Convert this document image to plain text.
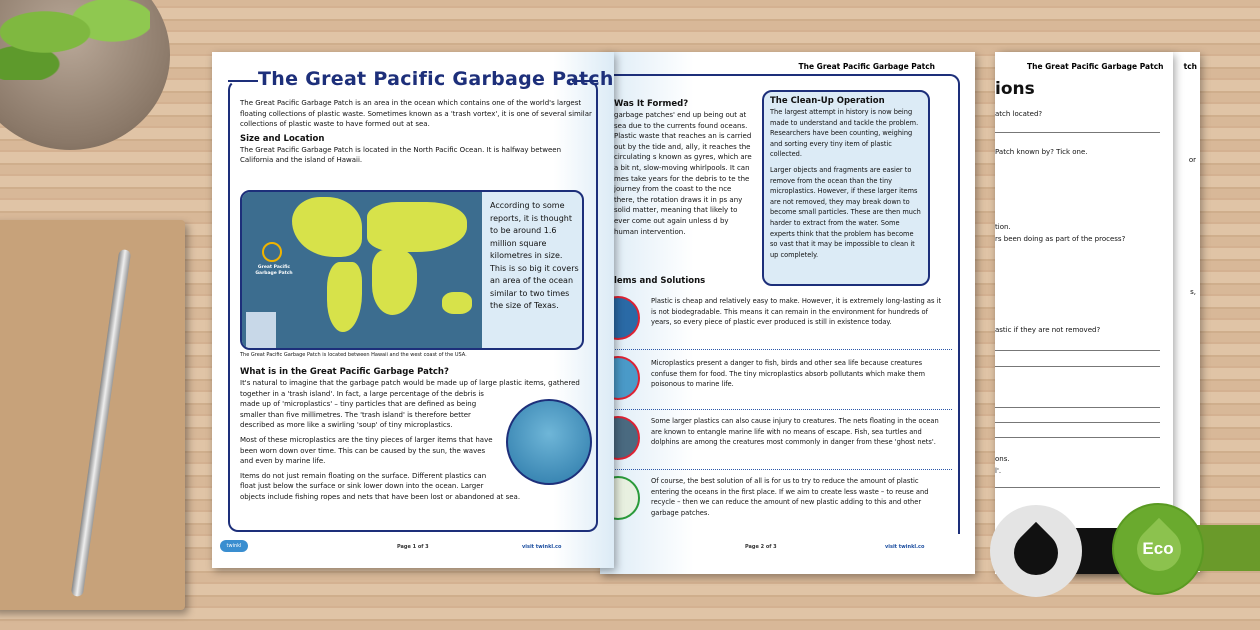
tch
or
s,
The Great Pacific Garbage Patch
ions
atch located?
Patch known by? Tick one.
tion.
rs been doing as part of the process?
astic if they are not removed?
ons.
l'.
The Great Pacific Garbage Patch
Was It Formed?
garbage patches' end up being out at sea due to the currents found oceans. Plastic waste that reaches an is carried out by the tide and, ally, it reaches the circulating s known as gyres, which are a bit nt, slow-moving whirlpools. It can mes take years for the debris to te the journey from the coast to the nce there, the rotation draws it in ps any solid matter, meaning that likely to ever come out again unless d by human intervention.
The Clean-Up Operation
The largest attempt in history is now being made to understand and tackle the problem. Researchers have been counting, weighing and sorting every tiny item of plastic collected.
Larger objects and fragments are easier to remove from the ocean than the tiny microplastics. However, if these larger items are not removed, they may break down to become small particles. These are then much harder to extract from the water. Some experts think that the problem has become so vast that it may be impossible to clean it up completely.
lems and Solutions
Plastic is cheap and relatively easy to make. However, it is extremely long-lasting as it is not biodegradable. This means it can remain in the environment for hundreds of years, so every piece of plastic ever produced is still in existence today.
Microplastics present a danger to fish, birds and other sea life because creatures confuse them for food. The tiny microplastics absorb pollutants which make them poisonous to marine life.
Some larger plastics can also cause injury to creatures. The nets floating in the ocean are known to entangle marine life with no means of escape. Fish, sea turtles and dolphins are among the creatures most commonly in danger from these 'ghost nets'.
Of course, the best solution of all is for us to try to reduce the amount of plastic entering the oceans in the first place. If we aim to create less waste – to reuse and recycle – then we can reduce the amount of new plastic adding to this and other garbage patches.
Page 2 of 3	visit twinkl.co
The Great Pacific Garbage Patch
The Great Pacific Garbage Patch is an area in the ocean which contains one of the world's largest floating collections of plastic waste. Sometimes known as a 'trash vortex', it is one of several similar collections of plastic waste to have formed out at sea.
Size and Location
The Great Pacific Garbage Patch is located in the North Pacific Ocean. It is halfway between California and the island of Hawaii.
Great Pacific Garbage Patch
According to some reports, it is thought to be around 1.6 million square kilometres in size. This is so big it covers an area of the ocean similar to two times the size of Texas.
The Great Pacific Garbage Patch is located between Hawaii and the west coast of the USA.
What is in the Great Pacific Garbage Patch?
It's natural to imagine that the garbage patch would be made up of large plastic items, gathered together in a 'trash island'. In fact, a large percentage of the debris is made up of 'microplastics' – tiny particles that are defined as being smaller than five millimetres. The 'trash island' is therefore better described as more like a swirling 'soup' of tiny microplastics.
Most of these microplastics are the tiny pieces of larger items that have been worn down over time. This can be caused by the sun, the waves and even by marine life.
Items do not just remain floating on the surface. Different plastics can float just below the surface or sink lower down into the ocean. Larger objects include fishing ropes and nets that have been lost or abandoned at sea.
twinkl	Page 1 of 3	visit twinkl.co	Eco
